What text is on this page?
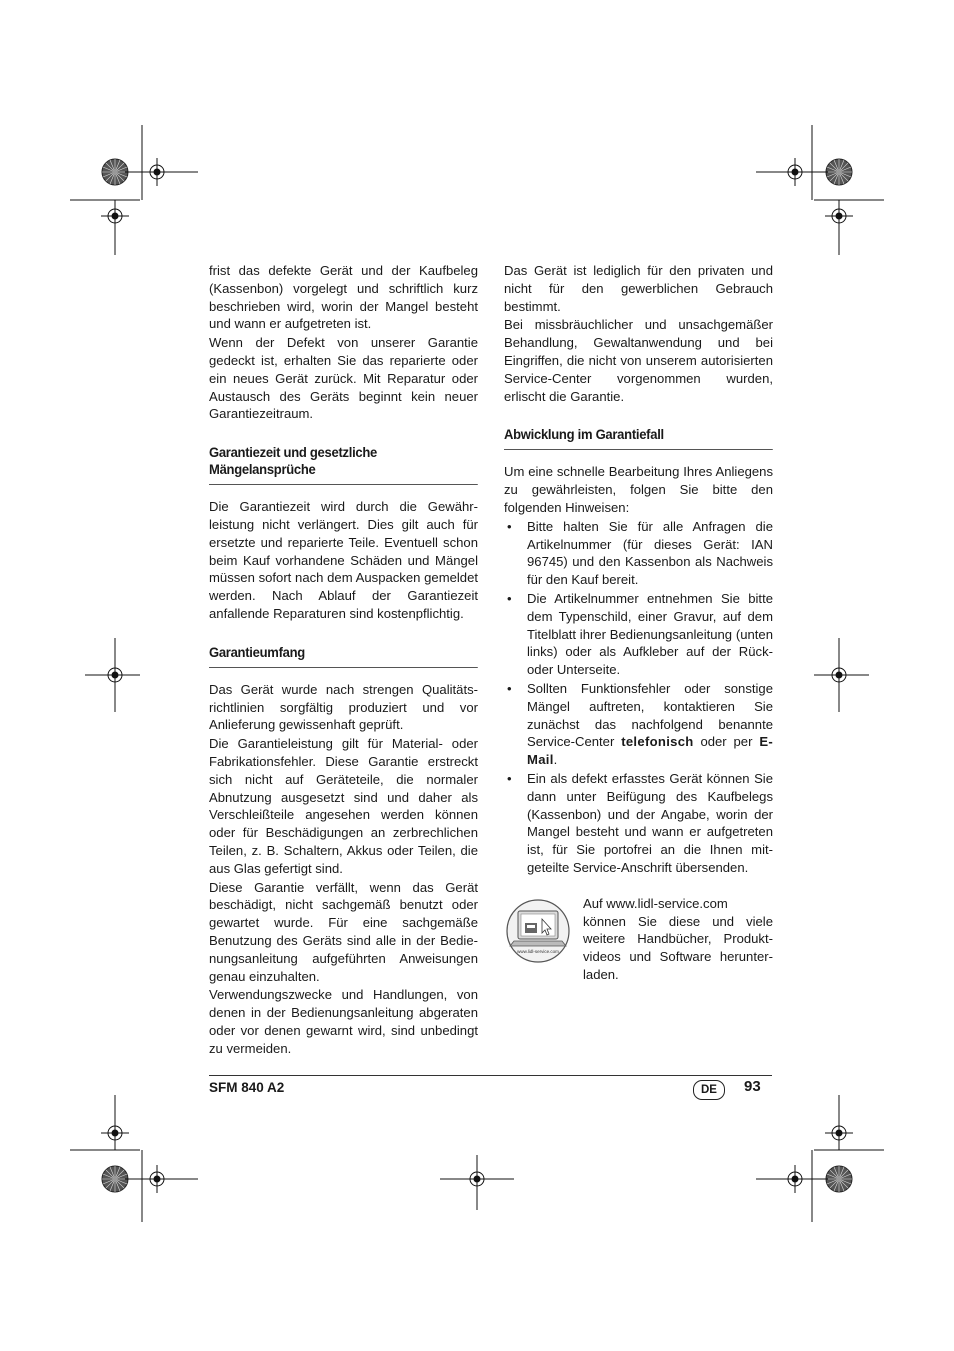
frist das defekte Gerät und der Kaufbeleg (Kassenbon) vorgelegt und schriftlich kurz beschrieben wird, worin der Mangel besteht und wann er aufgetreten ist.

Wenn der Defekt von unserer Garantie gedeckt ist, erhalten Sie das reparierte oder ein neues Gerät zurück. Mit Reparatur oder Austausch des Geräts beginnt kein neuer Garantiezeitraum.

Garantiezeit und gesetzliche
Mängelansprüche

Die Garantiezeit wird durch die Gewährleistung nicht verlängert. Dies gilt auch für ersetzte und reparierte Teile. Eventuell schon beim Kauf vorhandene Schäden und Mängel müssen sofort nach dem Auspacken gemeldet werden. Nach Ablauf der Garantiezeit anfallende Reparaturen sind kostenpflichtig.

Garantieumfang

Das Gerät wurde nach strengen Qualitätsrichtlinien sorgfältig produziert und vor Anlieferung gewissenhaft geprüft.

Die Garantieleistung gilt für Material- oder Fabrikationsfehler. Diese Garantie erstreckt sich nicht auf Geräteteile, die normaler Abnutzung ausgesetzt sind und daher als Verschleißteile angesehen werden können oder für Beschädigungen an zerbrechlichen Teilen, z. B. Schaltern, Akkus oder Teilen, die aus Glas gefertigt sind.

Diese Garantie verfällt, wenn das Gerät beschädigt, nicht sachgemäß benutzt oder gewartet wurde. Für eine sachgemäße Benutzung des Geräts sind alle in der Bedienungsanleitung aufgeführten Anweisungen genau einzuhalten.

Verwendungszwecke und Handlungen, von denen in der Bedienungsanleitung abgeraten oder vor denen gewarnt wird, sind unbedingt zu vermeiden.

Das Gerät ist lediglich für den privaten und nicht für den gewerblichen Gebrauch bestimmt.

Bei missbräuchlicher und unsachgemäßer Behandlung, Gewaltanwendung und bei Eingriffen, die nicht von unserem autorisierten Service-Center vorgenommen wurden, erlischt die Garantie.

Abwicklung im Garantiefall

Um eine schnelle Bearbeitung Ihres Anliegens zu gewährleisten, folgen Sie bitte den folgenden Hinweisen:

• Bitte halten Sie für alle Anfragen die Artikelnummer (für dieses Gerät: IAN 96745) und den Kassenbon als Nachweis für den Kauf bereit.
• Die Artikelnummer entnehmen Sie bitte dem Typenschild, einer Gravur, auf dem Titelblatt ihrer Bedienungsanleitung (unten links) oder als Aufkleber auf der Rück- oder Unterseite.
• Sollten Funktionsfehler oder sonstige Mängel auftreten, kontaktieren Sie zunächst das nachfolgend benannte Service-Center telefonisch oder per E-Mail.
• Ein als defekt erfasstes Gerät können Sie dann unter Beifügung des Kaufbelegs (Kassenbon) und der Angabe, worin der Mangel besteht und wann er aufgetreten ist, für Sie portofrei an die Ihnen mitgeteilte Service-Anschrift übersenden.
www.lidl-service.com
Auf www.lidl-service.com
können Sie diese und viele weitere Handbücher, Produktvideos und Software herunterladen.
SFM 840 A2	DE	93
